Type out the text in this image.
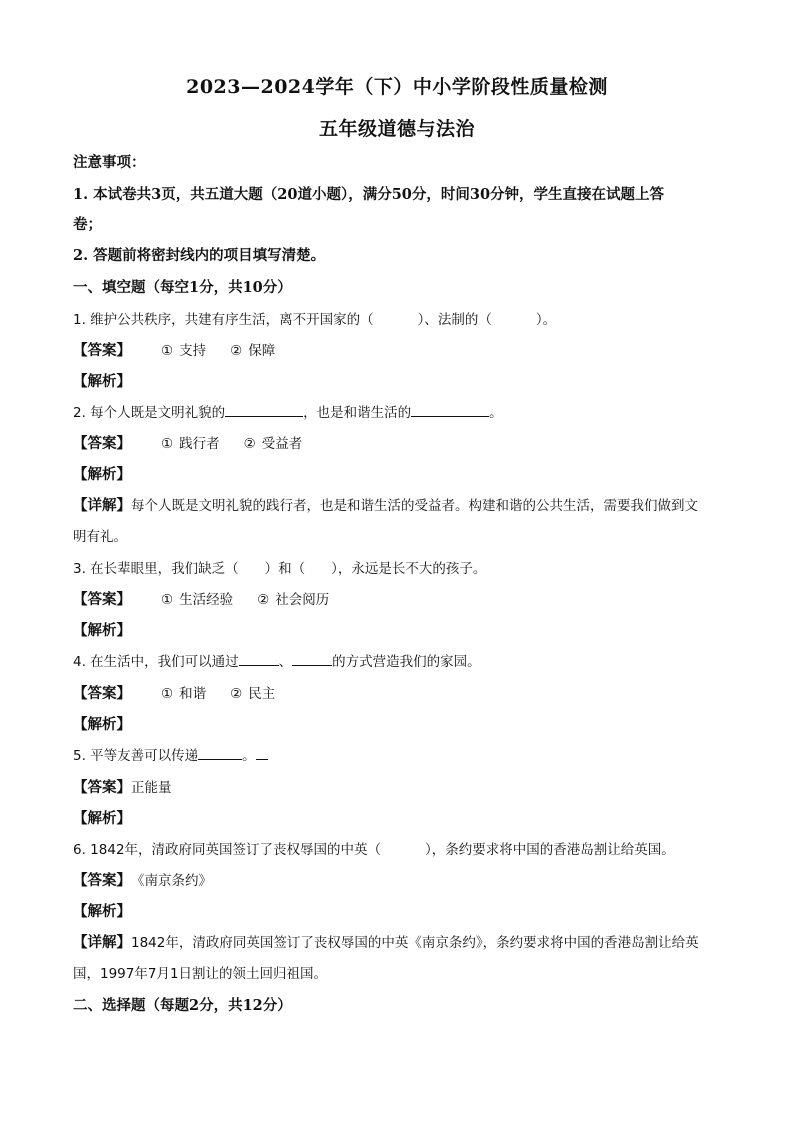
2023—2024学年（下）中小学阶段性质量检测
五年级道德与法治
注意事项：
1. 本试卷共3页，共五道大题（20道小题），满分50分，时间30分钟，学生直接在试题上答
卷；
2. 答题前将密封线内的项目填写清楚。
一、填空题（每空1分，共10分）
1. 维护公共秩序，共建有序生活，离不开国家的（	）、法制的（	）。
【答案】 ① 支持 ② 保障
【解析】
2. 每个人既是文明礼貌的	，也是和谐生活的	。
【答案】 ① 践行者 ② 受益者
【解析】
【详解】每个人既是文明礼貌的践行者，也是和谐生活的受益者。构建和谐的公共生活，需要我们做到文
明有礼。
3. 在长辈眼里，我们缺乏（ ）和（ ），永远是长不大的孩子。
【答案】 ① 生活经验 ② 社会阅历
【解析】
4. 在生活中，我们可以通过	、	的方式营造我们的家园。
【答案】 ① 和谐 ② 民主
【解析】
5. 平等友善可以传递	。
【答案】正能量
【解析】
6. 1842年，清政府同英国签订了丧权辱国的中英（	），条约要求将中国的香港岛割让给英国。
【答案】《南京条约》
【解析】
【详解】1842年，清政府同英国签订了丧权辱国的中英《南京条约》，条约要求将中国的香港岛割让给英
国，1997年7月1日割让的领土回归祖国。
二、选择题（每题2分，共12分）
